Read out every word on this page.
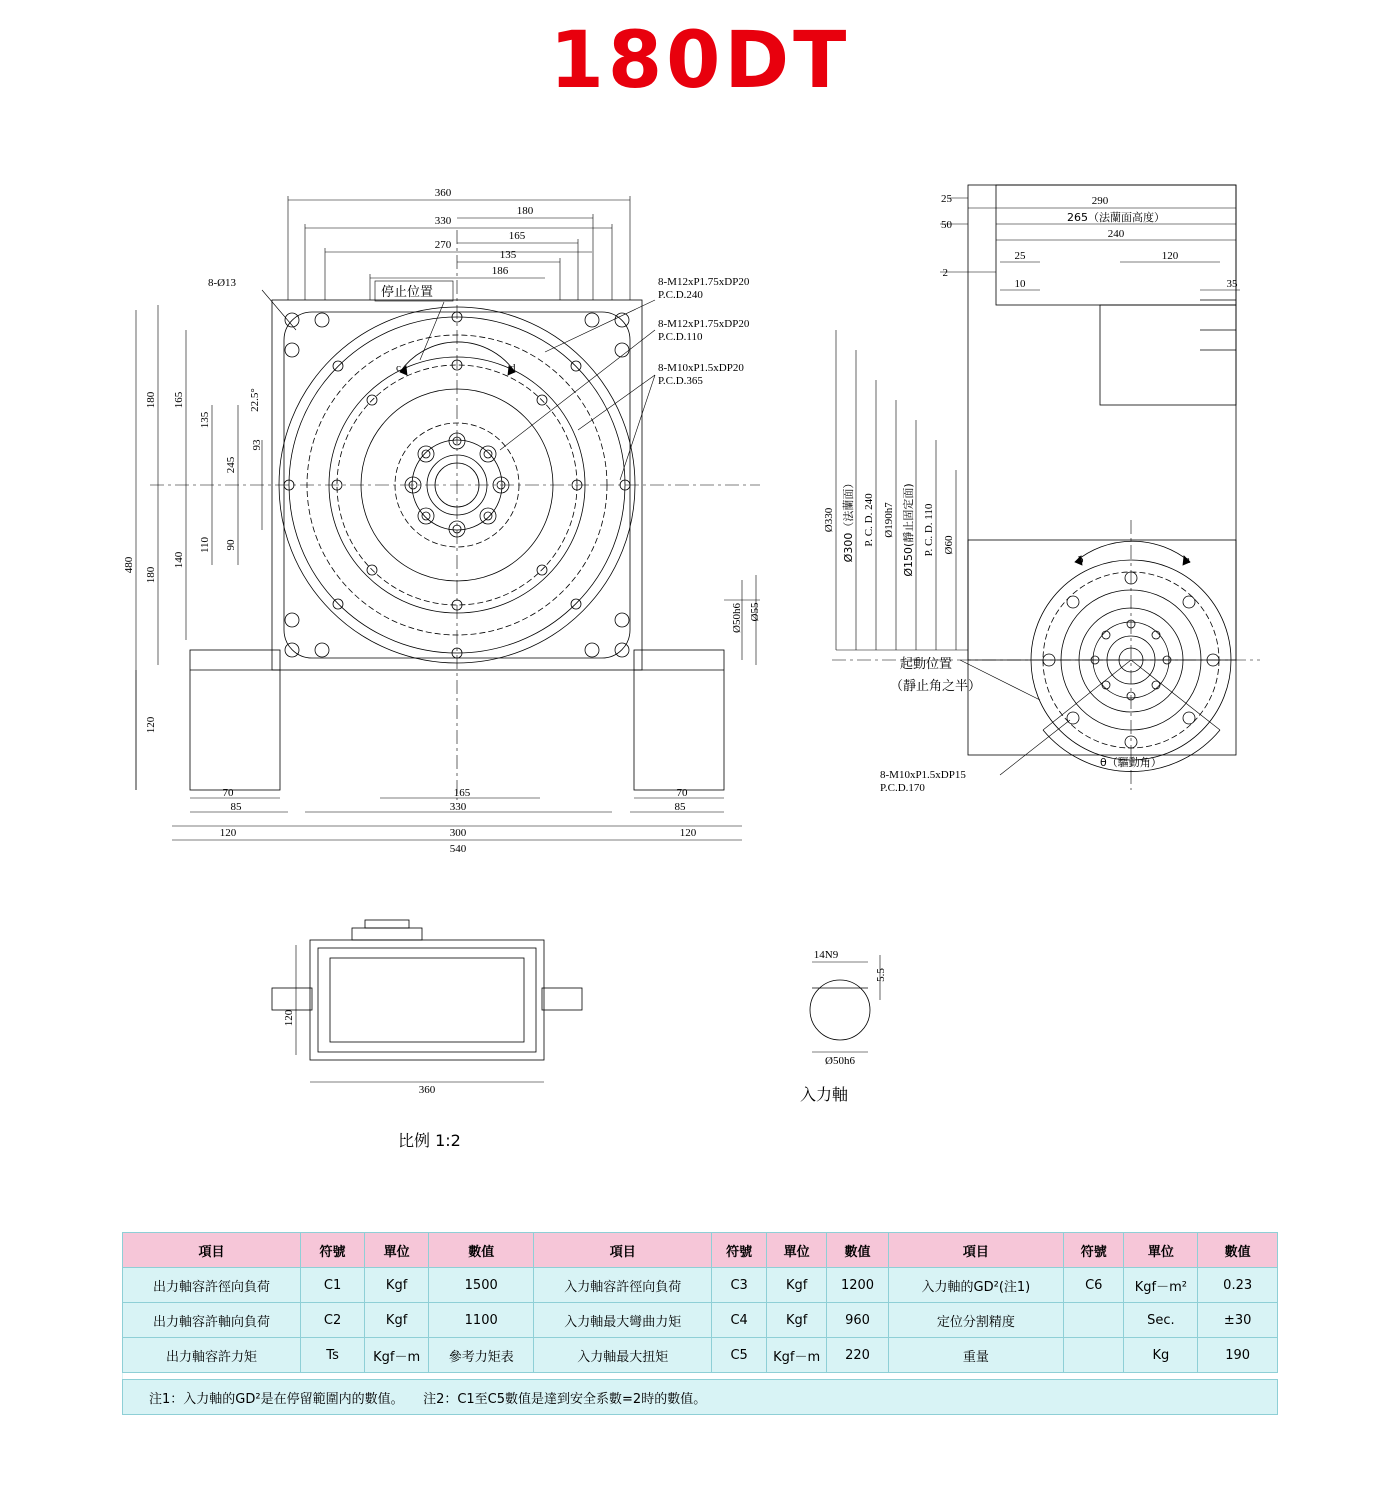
180DT
360
180
330
165
270
135
186
180 165
135
245
93
22.5°
110 90
480
180
140
120
70
85
120
165
330
300
540
70
85
120
Ø50h6 Ø55
8-Ø13
停止位置
8-M12xP1.75xDP20
P.C.D.240
8-M12xP1.75xDP20
P.C.D.110
8-M10xP1.5xDP20
P.C.D.365
c	d
290
265（法蘭面高度）
240
25
50
2
25
10
120
35
Ø330 Ø300（法蘭面） P. C. D. 240 Ø190h7	P. C. D. 110
Ø150(靜止固定面)	Ø60
起動位置
（靜止角之半）
θ（驅動角）
8-M10xP1.5xDP15
P.C.D.170
a
b
120
360
14N9
5.5
Ø50h6
比例 1:2
入力軸
項目	符號	單位	數值	項目	符號	單位	數值	項目	符號	單位	數值
出力軸容許徑向負荷	C1	Kgf	1500	入力軸容許徑向負荷	C3	Kgf	1200	入力軸的GD²(注1)	C6	Kgf－m²	0.23
出力軸容許軸向負荷	C2	Kgf	1100	入力軸最大彎曲力矩	C4	Kgf	960	定位分割精度		Sec.	±30
出力軸容許力矩	Ts	Kgf－m	參考力矩表	入力軸最大扭矩	C5	Kgf－m	220	重量		Kg	190

注1：入力軸的GD²是在停留範圍内的數值。　　注2：C1至C5數值是達到安全系數=2時的數值。											
